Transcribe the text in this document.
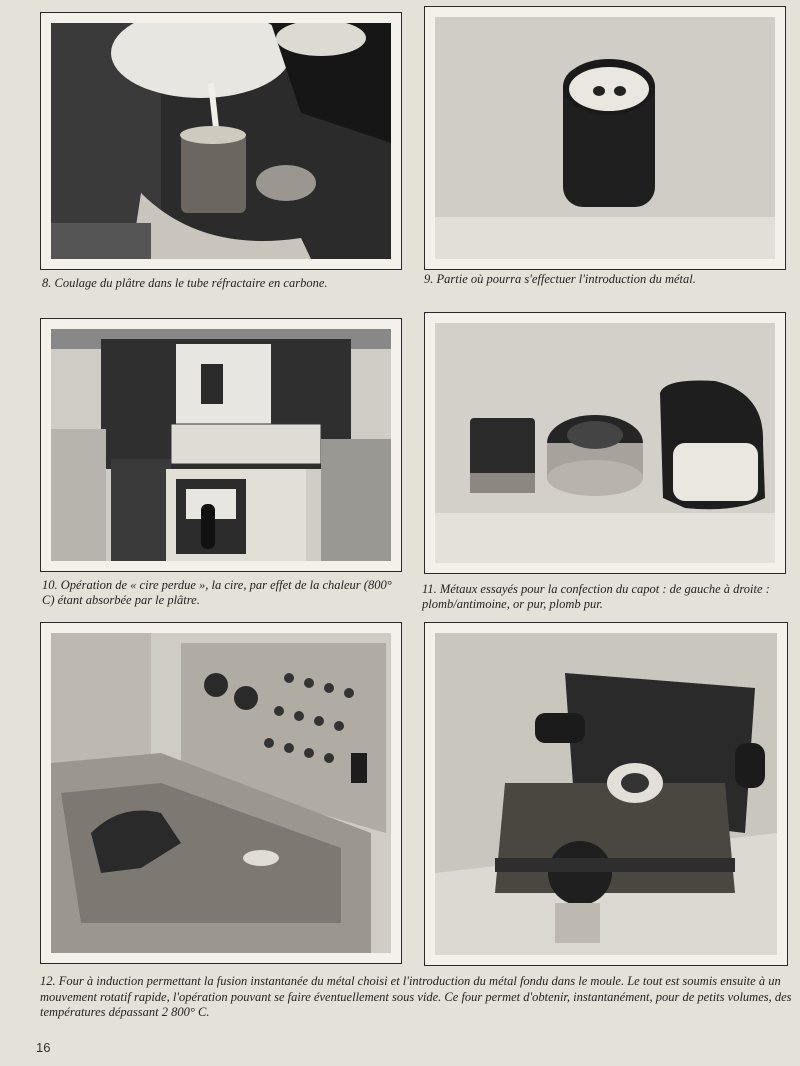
8. Coulage du plâtre dans le tube réfractaire en carbone.	9. Partie où pourra s'effectuer l'introduction du métal.
10. Opération de « cire perdue », la cire, par effet de la chaleur (800° C) étant absorbée par le plâtre.
11. Métaux essayés pour la confection du capot : de gauche à droite : plomb/antimoine, or pur, plomb pur.
12. Four à induction permettant la fusion instantanée du métal choisi et l'introduction du métal fondu dans le moule. Le tout est soumis ensuite à un mouvement rotatif rapide, l'opération pouvant se faire éventuellement sous vide. Ce four permet d'obtenir, instantanément, pour de petits volumes, des températures dépassant 2 800° C.
16
